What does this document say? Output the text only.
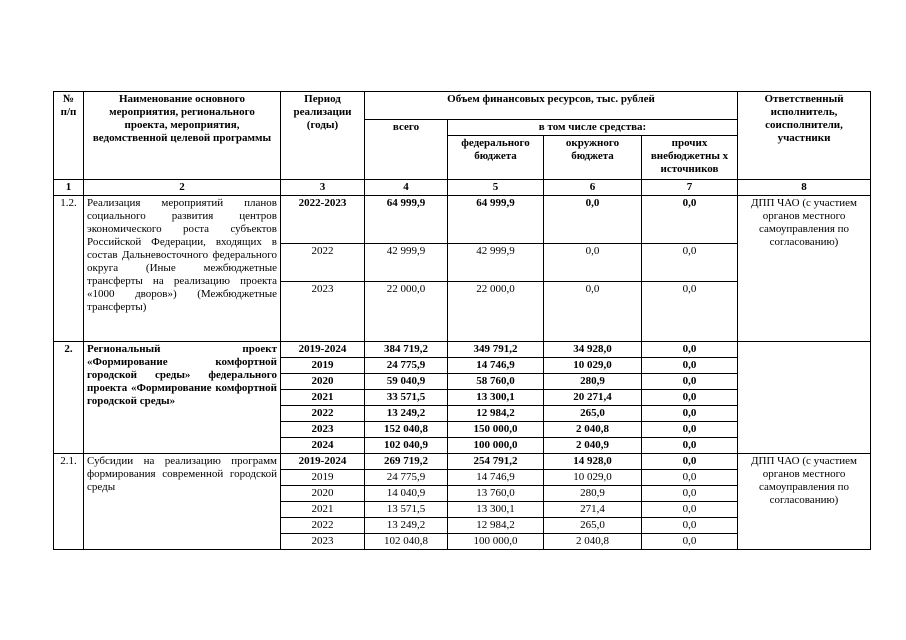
№
п/п	Наименование основного мероприятия, регионального проекта, мероприятия, ведомственной целевой программы	Период реализации (годы)	Объем финансовых ресурсов, тыс. рублей				Ответственный исполнитель, соисполнители, участники
			всего	в том числе средства:			
				федерального бюджета	окружного бюджета	прочих внебюджетны х источников	
1	2	3	4	5	6	7	8
1.2.	Реализация мероприятий планов социального развития центров экономического роста субъектов Российской Федерации, входящих в состав Дальневосточного федерального округа (Иные межбюджетные трансферты на реализацию проекта «1000 дворов») (Межбюджетные трансферты)	2022-2023	64 999,9	64 999,9	0,0	0,0	ДПП ЧАО (с участием органов местного самоуправления по согласованию)
		2022	42 999,9	42 999,9	0,0	0,0	
		2023	22 000,0	22 000,0	0,0	0,0	
2.	Региональный проект «Формирование комфортной городской среды» федерального проекта «Формирование комфортной городской среды»	2019-2024	384 719,2	349 791,2	34 928,0	0,0	
		2019	24 775,9	14 746,9	10 029,0	0,0	
		2020	59 040,9	58 760,0	280,9	0,0	
		2021	33 571,5	13 300,1	20 271,4	0,0	
		2022	13 249,2	12 984,2	265,0	0,0	
		2023	152 040,8	150 000,0	2 040,8	0,0	
		2024	102 040,9	100 000,0	2 040,9	0,0	
2.1.	Субсидии на реализацию программ формирования современной городской среды	2019-2024	269 719,2	254 791,2	14 928,0	0,0	ДПП ЧАО (с участием органов местного самоуправления по согласованию)
		2019	24 775,9	14 746,9	10 029,0	0,0	
		2020	14 040,9	13 760,0	280,9	0,0	
		2021	13 571,5	13 300,1	271,4	0,0	
		2022	13 249,2	12 984,2	265,0	0,0	
		2023	102 040,8	100 000,0	2 040,8	0,0	
